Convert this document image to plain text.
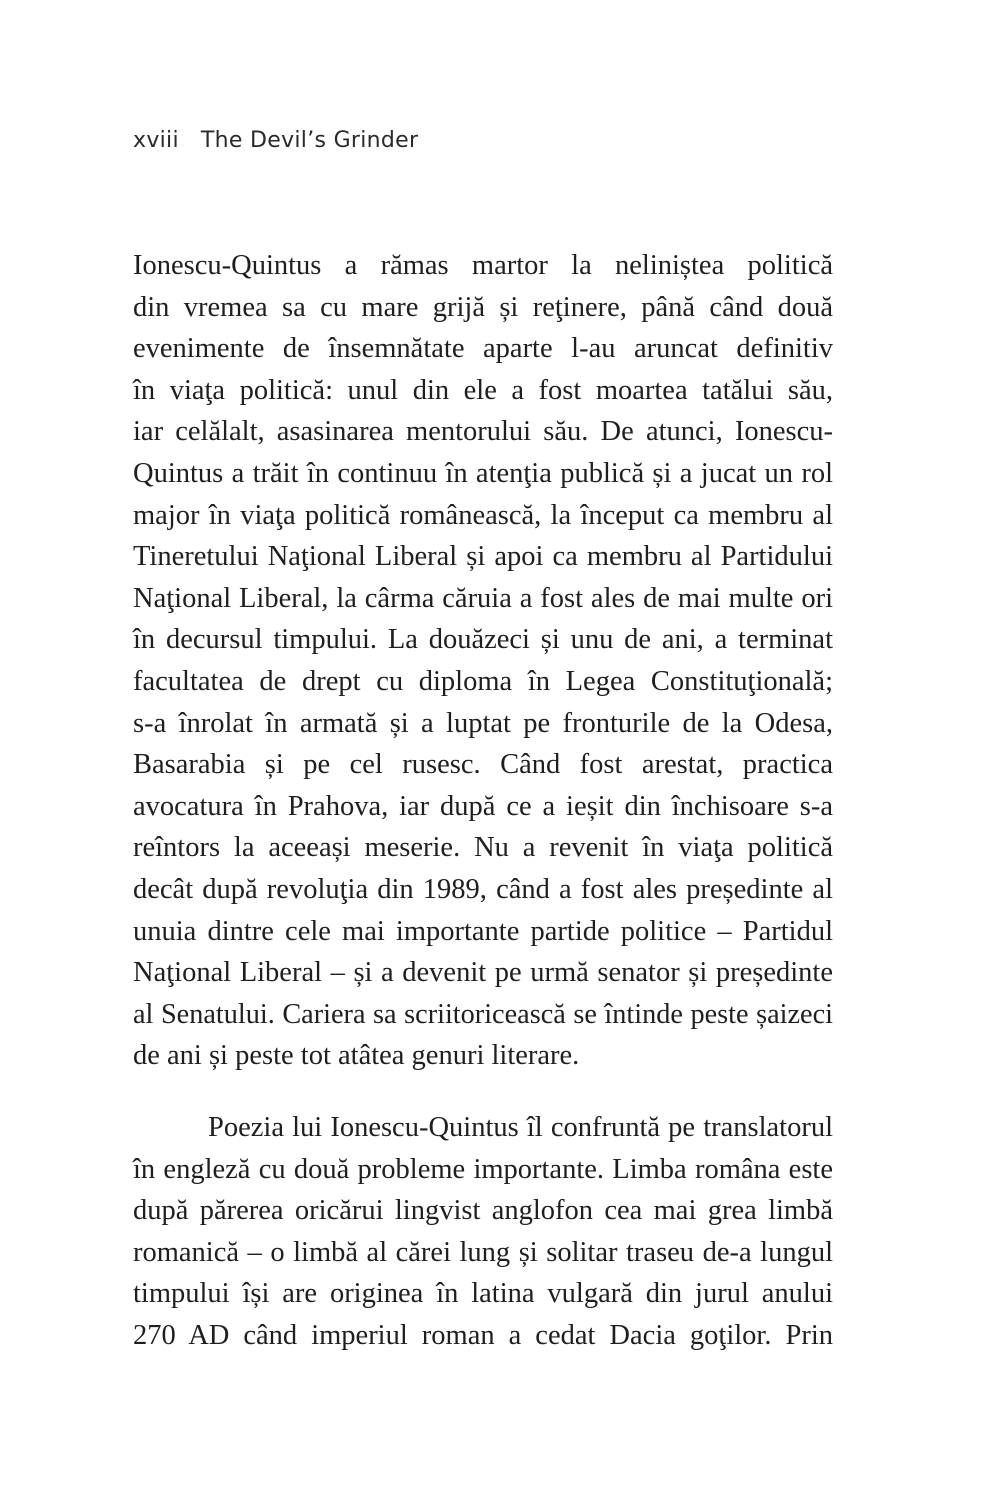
xviii The Devil’s Grinder
Ionescu-Quintus a rămas martor la neliniștea politică
din vremea sa cu mare grijă și reţinere, până când două
evenimente de însemnătate aparte l-au aruncat definitiv
în viaţa politică: unul din ele a fost moartea tatălui său,
iar celălalt, asasinarea mentorului său. De atunci, Ionescu-
Quintus a trăit în continuu în atenţia publică și a jucat un rol
major în viaţa politică românească, la început ca membru al
Tineretului Naţional Liberal și apoi ca membru al Partidului
Naţional Liberal, la cârma căruia a fost ales de mai multe ori
în decursul timpului. La douăzeci și unu de ani, a terminat
facultatea de drept cu diploma în Legea Constituţională;
s-a înrolat în armată și a luptat pe fronturile de la Odesa,
Basarabia și pe cel rusesc. Când fost arestat, practica
avocatura în Prahova, iar după ce a ieșit din închisoare s-a
reîntors la aceeași meserie. Nu a revenit în viaţa politică
decât după revoluţia din 1989, când a fost ales președinte al
unuia dintre cele mai importante partide politice – Partidul
Naţional Liberal – și a devenit pe urmă senator și președinte
al Senatului. Cariera sa scriitoricească se întinde peste șaizeci
de ani și peste tot atâtea genuri literare.
Poezia lui Ionescu-Quintus îl confruntă pe translatorul
în engleză cu două probleme importante. Limba româna este
după părerea oricărui lingvist anglofon cea mai grea limbă
romanică – o limbă al cărei lung și solitar traseu de-a lungul
timpului își are originea în latina vulgară din jurul anului
270 AD când imperiul roman a cedat Dacia goţilor. Prin
